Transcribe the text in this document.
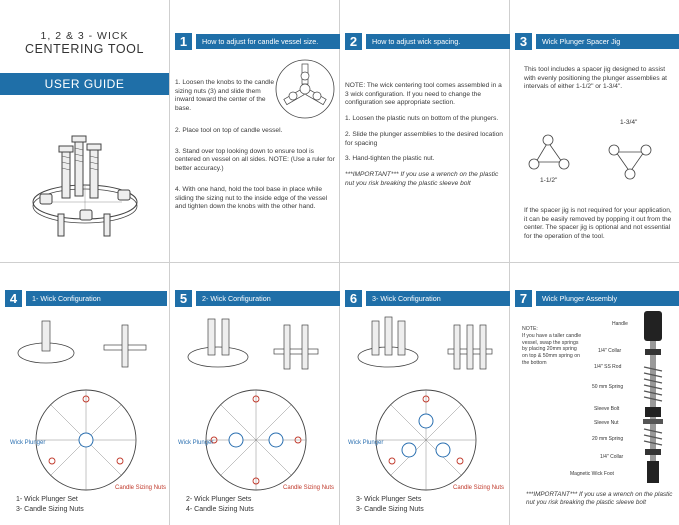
1, 2 & 3 - WICK
CENTERING TOOL
USER GUIDE
1	How to adjust for candle vessel size.

1. Loosen the knobs to the candle sizing nuts (3) and slide them inward toward the center of the base.

2. Place tool on top of candle vessel.

3. Stand over top looking down to ensure tool is centered on vessel on all sides. NOTE: (Use a ruler for better accuracy.)

4. With one hand, hold the tool base in place while sliding the sizing nut to the inside edge of the vessel and tighten down the knobs with the other hand.

2	How to adjust wick spacing.

NOTE: The wick centering tool comes assembled in a 3 wick configuration. If you need to change the configuration see appropriate section.

1. Loosen the plastic nuts on bottom of the plungers.

2. Slide the plunger assemblies to the desired location for spacing

3. Hand-tighten the plastic nut.

***IMPORTANT*** If you use a wrench on the plastic nut you risk breaking the plastic sleeve bolt

3	Wick Plunger Spacer Jig

This tool includes a spacer jig designed to assist with evenly positioning the plunger assemblies at intervals of either 1-1/2" or 1-3/4".

1-1/2"
1-3/4"

If the spacer jig is not required for your application, it can be easily removed by popping it out from the center. The spacer jig is optional and not essential for the operation of the tool.

4	1- Wick Configuration
Wick Plunger
Candle Sizing Nuts
1- Wick Plunger Set
3- Candle Sizing Nuts
5	2- Wick Configuration
Wick Plunger
Candle Sizing Nuts
2- Wick Plunger Sets
4- Candle Sizing Nuts
6	3- Wick Configuration
Wick Plunger
Candle Sizing Nuts
3- Wick Plunger Sets
3- Candle Sizing Nuts
7	Wick Plunger Assembly
NOTE:
If you have a taller candle vessel, swap the springs by placing 20mm spring on top & 50mm spring on the bottom
Handle
1/4" Collar
1/4" SS Rod
50 mm Spring
Sleeve Bolt
Sleeve Nut
20 mm Spring
1/4" Collar
Magnetic Wick Foot
***IMPORTANT*** If you use a wrench on the plastic nut you risk breaking the plastic sleeve bolt
